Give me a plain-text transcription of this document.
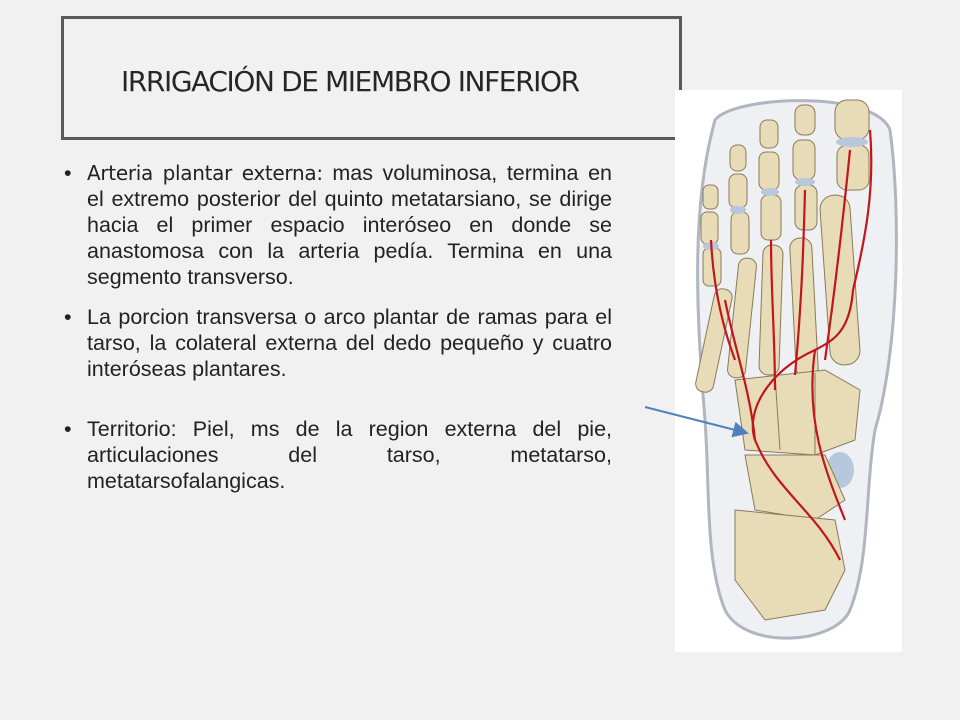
IRRIGACIÓN DE MIEMBRO INFERIOR
• Arteria plantar externa: mas voluminosa, termina en el extremo posterior del quinto metatarsiano, se dirige hacia el primer espacio interóseo en donde se anastomosa con la arteria pedía. Termina en una segmento transverso.
• La porcion transversa o arco plantar de ramas para el tarso, la colateral externa del dedo pequeño y cuatro interóseas plantares.
• Territorio: Piel, ms de la region externa del pie, articulaciones del tarso, metatarso, metatarsofalangicas.
